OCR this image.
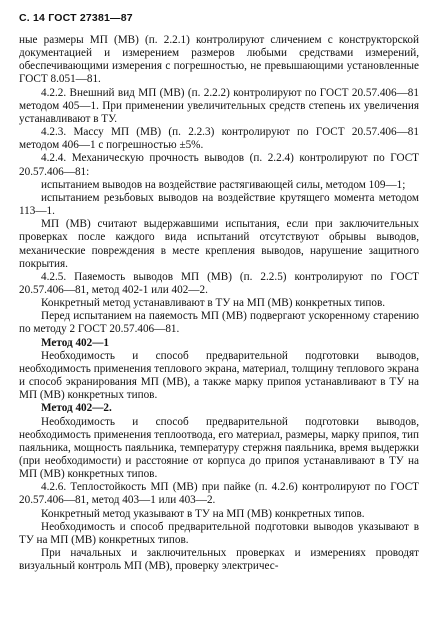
С. 14 ГОСТ 27381—87

ные размеры МП (МВ) (п. 2.2.1) контролируют сличением с конструкторской документацией и измерением размеров любыми средствами измерений, обеспечивающими измерения с погрешностью, не превышающими установленные ГОСТ 8.051—81.

4.2.2. Внешний вид МП (МВ) (п. 2.2.2) контролируют по ГОСТ 20.57.406—81 методом 405—1. При применении увеличительных средств степень их увеличения устанавливают в ТУ.

4.2.3. Массу МП (МВ) (п. 2.2.3) контролируют по ГОСТ 20.57.406—81 методом 406—1 с погрешностью ±5%.

4.2.4. Механическую прочность выводов (п. 2.2.4) контролируют по ГОСТ 20.57.406—81:

испытанием выводов на воздействие растягивающей силы, методом 109—1;

испытанием резьбовых выводов на воздействие крутящего момента методом 113—1.

МП (МВ) считают выдержавшими испытания, если при заключительных проверках после каждого вида испытаний отсутствуют обрывы выводов, механические повреждения в месте крепления выводов, нарушение защитного покрытия.

4.2.5. Паяемость выводов МП (МВ) (п. 2.2.5) контролируют по ГОСТ 20.57.406—81, метод 402-1 или 402—2.

Конкретный метод устанавливают в ТУ на МП (МВ) конкретных типов.

Перед испытанием на паяемость МП (МВ) подвергают ускоренному старению по методу 2 ГОСТ 20.57.406—81.

Метод 402—1

Необходимость и способ предварительной подготовки выводов, необходимость применения теплового экрана, материал, толщину теплового экрана и способ экранирования МП (МВ), а также марку припоя устанавливают в ТУ на МП (МВ) конкретных типов.

Метод 402—2.

Необходимость и способ предварительной подготовки выводов, необходимость применения теплоотвода, его материал, размеры, марку припоя, тип паяльника, мощность паяльника, температуру стержня паяльника, время выдержки (при необходимости) и расстояние от корпуса до припоя устанавливают в ТУ на МП (МВ) конкретных типов.

4.2.6. Теплостойкость МП (МВ) при пайке (п. 4.2.6) контролируют по ГОСТ 20.57.406—81, метод 403—1 или 403—2.

Конкретный метод указывают в ТУ на МП (МВ) конкретных типов.

Необходимость и способ предварительной подготовки выводов указывают в ТУ на МП (МВ) конкретных типов.

При начальных и заключительных проверках и измерениях проводят визуальный контроль МП (МВ), проверку электричес-
